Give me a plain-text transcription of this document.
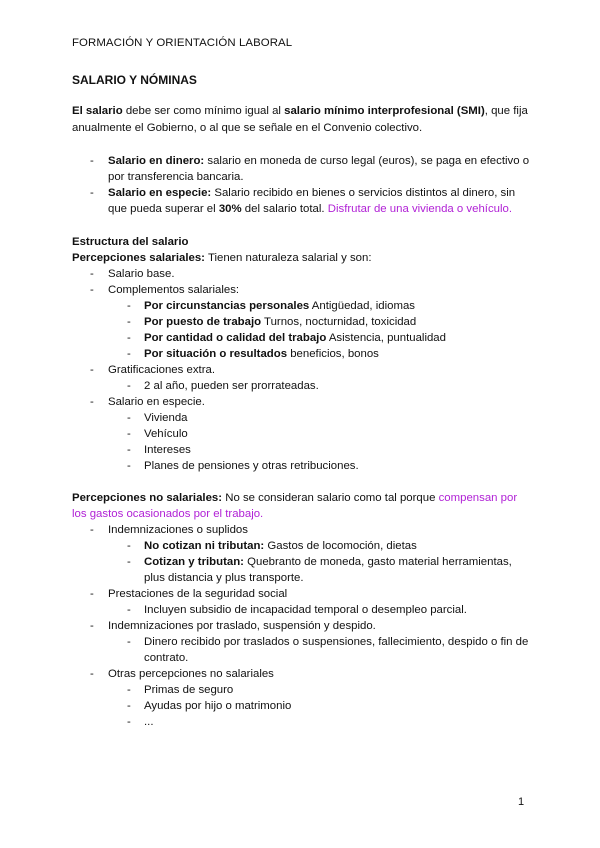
FORMACIÓN Y ORIENTACIÓN LABORAL
SALARIO Y NÓMINAS
El salario debe ser como mínimo igual al salario mínimo interprofesional (SMI), que fija
anualmente el Gobierno, o al que se señale en el Convenio colectivo.
- Salario en dinero: salario en moneda de curso legal (euros), se paga en efectivo o
por transferencia bancaria.
- Salario en especie: Salario recibido en bienes o servicios distintos al dinero, sin
que pueda superar el 30% del salario total. Disfrutar de una vivienda o vehículo.
Estructura del salario
Percepciones salariales: Tienen naturaleza salarial y son:
- Salario base.
- Complementos salariales:
- Por circunstancias personales Antigüedad, idiomas
- Por puesto de trabajo Turnos, nocturnidad, toxicidad
- Por cantidad o calidad del trabajo Asistencia, puntualidad
- Por situación o resultados beneficios, bonos
- Gratificaciones extra.
- 2 al año, pueden ser prorrateadas.
- Salario en especie.
- Vivienda
- Vehículo
- Intereses
- Planes de pensiones y otras retribuciones.
Percepciones no salariales: No se consideran salario como tal porque compensan por
los gastos ocasionados por el trabajo.
- Indemnizaciones o suplidos
- No cotizan ni tributan: Gastos de locomoción, dietas
- Cotizan y tributan: Quebranto de moneda, gasto material herramientas,
plus distancia y plus transporte.
- Prestaciones de la seguridad social
- Incluyen subsidio de incapacidad temporal o desempleo parcial.
- Indemnizaciones por traslado, suspensión y despido.
- Dinero recibido por traslados o suspensiones, fallecimiento, despido o fin de
contrato.
- Otras percepciones no salariales
- Primas de seguro
- Ayudas por hijo o matrimonio
- ...
1
